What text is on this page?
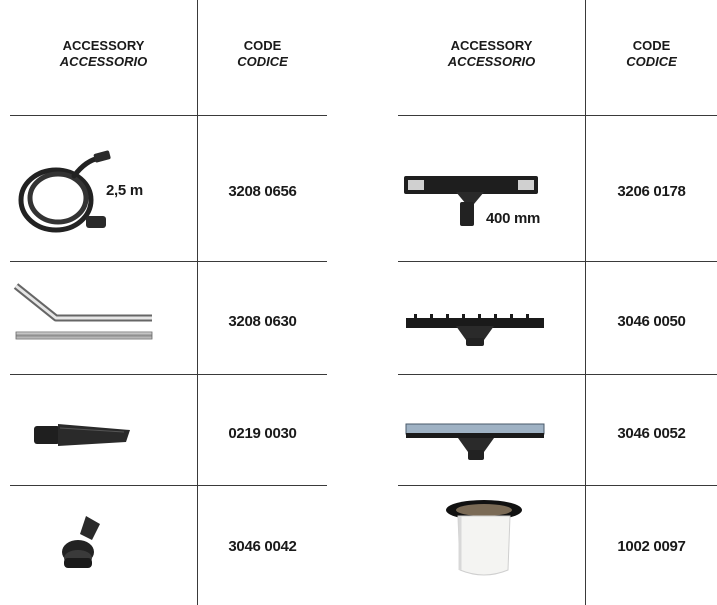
ACCESSORY
ACCESSORIO
CODE
CODICE
ACCESSORY
ACCESSORIO
CODE
CODICE
2,5 m	3208 0656
3208 0630
0219 0030
3046 0042
400 mm
3206 0178
3046 0050
3046 0052
1002 0097
